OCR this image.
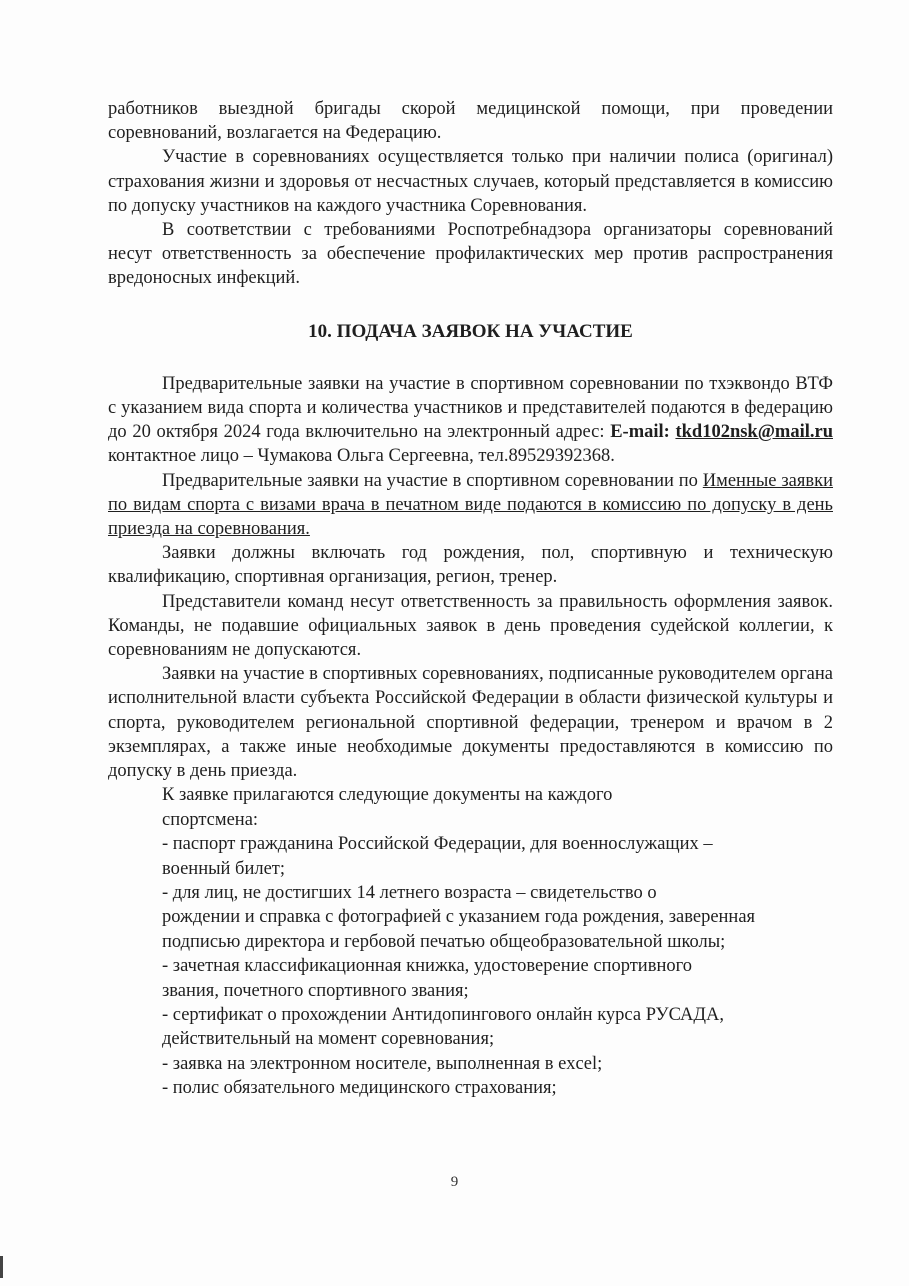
работников выездной бригады скорой медицинской помощи, при проведении соревнований, возлагается на Федерацию.

Участие в соревнованиях осуществляется только при наличии полиса (оригинал) страхования жизни и здоровья от несчастных случаев, который представляется в комиссию по допуску участников на каждого участника Соревнования.

В соответствии с требованиями Роспотребнадзора организаторы соревнований несут ответственность за обеспечение профилактических мер против распространения вредоносных инфекций.

10. ПОДАЧА ЗАЯВОК НА УЧАСТИЕ

Предварительные заявки на участие в спортивном соревновании по тхэквондо ВТФ с указанием вида спорта и количества участников и представителей подаются в федерацию до 20 октября 2024 года включительно на электронный адрес: E-mail: tkd102nsk@mail.ru контактное лицо – Чумакова Ольга Сергеевна, тел.89529392368.

Предварительные заявки на участие в спортивном соревновании по Именные заявки по видам спорта с визами врача в печатном виде подаются в комиссию по допуску в день приезда на соревнования.

Заявки должны включать год рождения, пол, спортивную и техническую квалификацию, спортивная организация, регион, тренер.

Представители команд несут ответственность за правильность оформления заявок. Команды, не подавшие официальных заявок в день проведения судейской коллегии, к соревнованиям не допускаются.

Заявки на участие в спортивных соревнованиях, подписанные руководителем органа исполнительной власти субъекта Российской Федерации в области физической культуры и спорта, руководителем региональной спортивной федерации, тренером и врачом в 2 экземплярах, а также иные необходимые документы предоставляются в комиссию по допуску в день приезда.

К заявке прилагаются следующие документы на каждого
спортсмена:
- паспорт гражданина Российской Федерации, для военнослужащих –
военный билет;
- для лиц, не достигших 14 летнего возраста – свидетельство о
рождении и справка с фотографией с указанием года рождения, заверенная
подписью директора и гербовой печатью общеобразовательной школы;
- зачетная классификационная книжка, удостоверение спортивного
звания, почетного спортивного звания;
- сертификат о прохождении Антидопингового онлайн курса РУСАДА,
действительный на момент соревнования;
- заявка на электронном носителе, выполненная в excel;
- полис обязательного медицинского страхования;
9
